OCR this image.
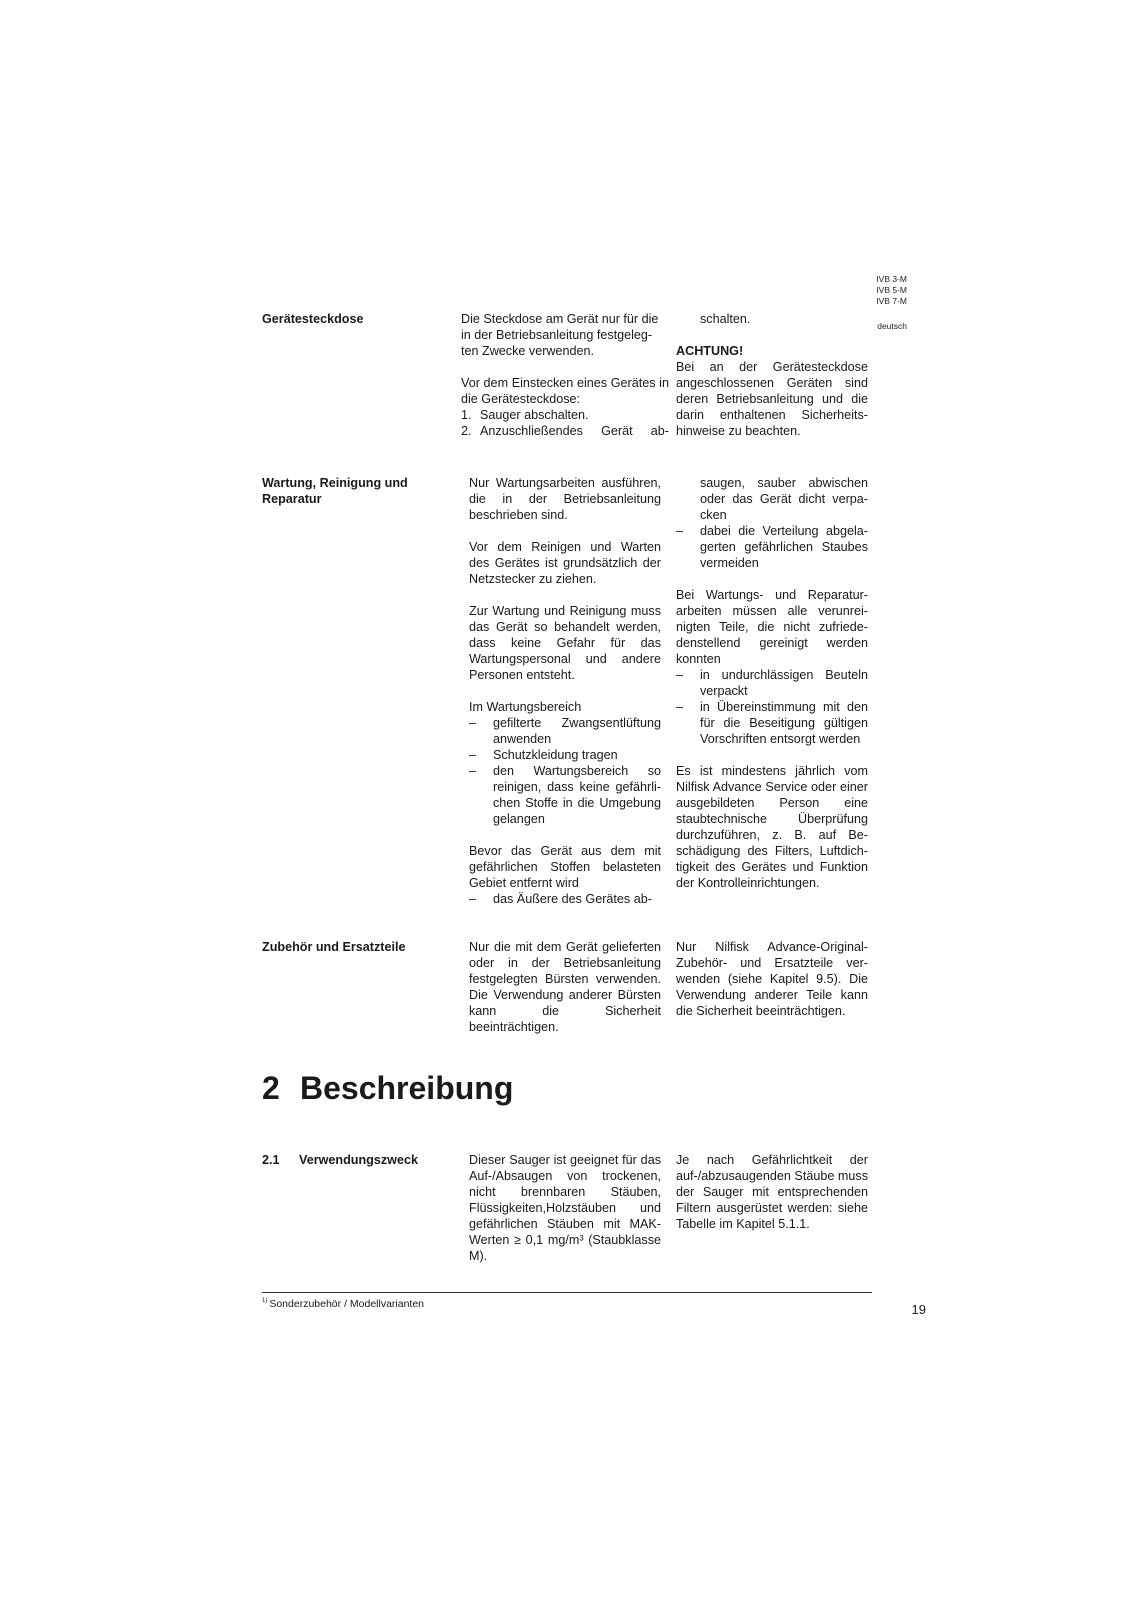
IVB 3-M
IVB 5-M
IVB 7-M
deutsch
Gerätesteckdose	Die Steckdose am Gerät nur für die
in der Betriebsanleitung festgeleg-
ten Zwecke verwenden.

Vor dem Einstecken eines Gerätes in die Gerätesteckdose:

1. Sauger abschalten.
2. Anzuschließendes Gerät ab-

schalten.

ACHTUNG!

Bei an der Gerätesteckdose angeschlossenen Geräten sind deren Betriebsanleitung und die darin enthaltenen Sicherheitshinweise zu beachten.

Wartung, Reinigung und
Reparatur

Nur Wartungsarbeiten ausführen, die in der Betriebsanleitung beschrieben sind.

Vor dem Reinigen und Warten des Gerätes ist grundsätzlich der Netzstecker zu ziehen.

Zur Wartung und Reinigung muss das Gerät so behandelt werden, dass keine Gefahr für das Wartungspersonal und andere Personen entsteht.

Im Wartungsbereich

–	gefilterte Zwangsentlüftung anwenden
–	Schutzkleidung tragen
–	den Wartungsbereich so reinigen, dass keine gefährlichen Stoffe in die Umgebung gelangen

Bevor das Gerät aus dem mit gefährlichen Stoffen belasteten Gebiet entfernt wird

–	das Äußere des Gerätes ab-

saugen, sauber abwischen oder das Gerät dicht verpacken

–	dabei die Verteilung abgelagerten gefährlichen Staubes vermeiden

Bei Wartungs- und Reparaturarbeiten müssen alle verunreinigten Teile, die nicht zufriededenstellend gereinigt werden konnten

–	in undurchlässigen Beuteln verpackt
–	in Übereinstimmung mit den für die Beseitigung gültigen Vorschriften entsorgt werden

Es ist mindestens jährlich vom Nilfisk Advance Service oder einer ausgebildeten Person eine staubtechnische Überprüfung durchzuführen, z. B. auf Beschädigung des Filters, Luftdichtigkeit des Gerätes und Funktion der Kontrolleinrichtungen.

Zubehör und Ersatzteile	Nur die mit dem Gerät gelieferten oder in der Betriebsanleitung festgelegten Bürsten verwenden. Die Verwendung anderer Bürsten kann die Sicherheit beeinträchtigen.

Nur Nilfisk Advance-Original-Zubehör- und Ersatzteile verwenden (siehe Kapitel 9.5). Die Verwendung anderer Teile kann die Sicherheit beeinträchtigen.

2 Beschreibung
2.1 Verwendungszweck	Dieser Sauger ist geeignet für das Auf-/Absaugen von trockenen, nicht brennbaren Stäuben, Flüssigkeiten,Holzstäuben und gefährlichen Stäuben mit MAK-Werten ≥ 0,1 mg/m³ (Staubklasse M).

Je nach Gefährlichtkeit der auf-/abzusaugenden Stäube muss der Sauger mit entsprechenden Filtern ausgerüstet werden: siehe Tabelle im Kapitel 5.1.1.

$^{1)}$ Sonderzubehör / Modellvarianten	19
